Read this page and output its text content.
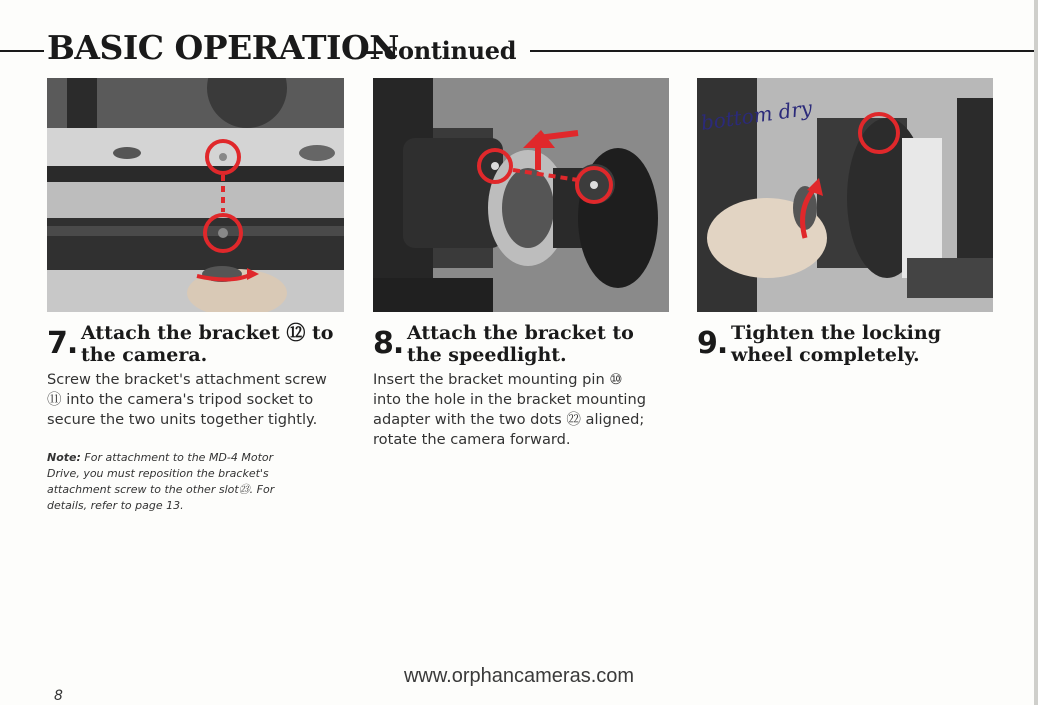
BASIC OPERATION
—continued
bottom dry
7. Attach the bracket ⑫ to
the camera.
Screw the bracket's attachment screw
⑪ into the camera's tripod socket to
secure the two units together tightly.
Note: For attachment to the MD-4 Motor
Drive, you must reposition the bracket's
attachment screw to the other slot㉓. For
details, refer to page 13.
8. Attach the bracket to
the speedlight.
Insert the bracket mounting pin ⑩
into the hole in the bracket mounting
adapter with the two dots ㉒ aligned;
rotate the camera forward.
9. Tighten the locking
wheel completely.
www.orphancameras.com
8
